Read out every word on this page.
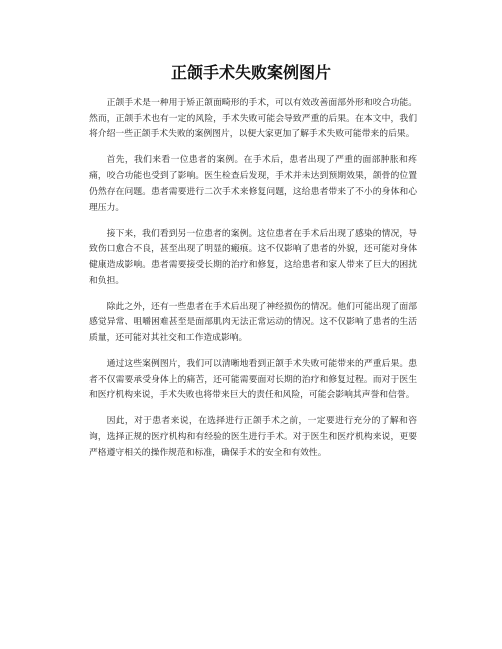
正颌手术失败案例图片

正颌手术是一种用于矫正颌面畸形的手术，可以有效改善面部外形和咬合功能。然而，正颌手术也有一定的风险，手术失败可能会导致严重的后果。在本文中，我们将介绍一些正颌手术失败的案例图片，以便大家更加了解手术失败可能带来的后果。

首先，我们来看一位患者的案例。在手术后，患者出现了严重的面部肿胀和疼痛，咬合功能也受到了影响。医生检查后发现，手术并未达到预期效果，颌骨的位置仍然存在问题。患者需要进行二次手术来修复问题，这给患者带来了不小的身体和心理压力。

接下来，我们看到另一位患者的案例。这位患者在手术后出现了感染的情况，导致伤口愈合不良，甚至出现了明显的瘢痕。这不仅影响了患者的外貌，还可能对身体健康造成影响。患者需要接受长期的治疗和修复，这给患者和家人带来了巨大的困扰和负担。

除此之外，还有一些患者在手术后出现了神经损伤的情况。他们可能出现了面部感觉异常、咀嚼困难甚至是面部肌肉无法正常运动的情况。这不仅影响了患者的生活质量，还可能对其社交和工作造成影响。

通过这些案例图片，我们可以清晰地看到正颌手术失败可能带来的严重后果。患者不仅需要承受身体上的痛苦，还可能需要面对长期的治疗和修复过程。而对于医生和医疗机构来说，手术失败也将带来巨大的责任和风险，可能会影响其声誉和信誉。

因此，对于患者来说，在选择进行正颌手术之前，一定要进行充分的了解和咨询，选择正规的医疗机构和有经验的医生进行手术。对于医生和医疗机构来说，更要严格遵守相关的操作规范和标准，确保手术的安全和有效性。
